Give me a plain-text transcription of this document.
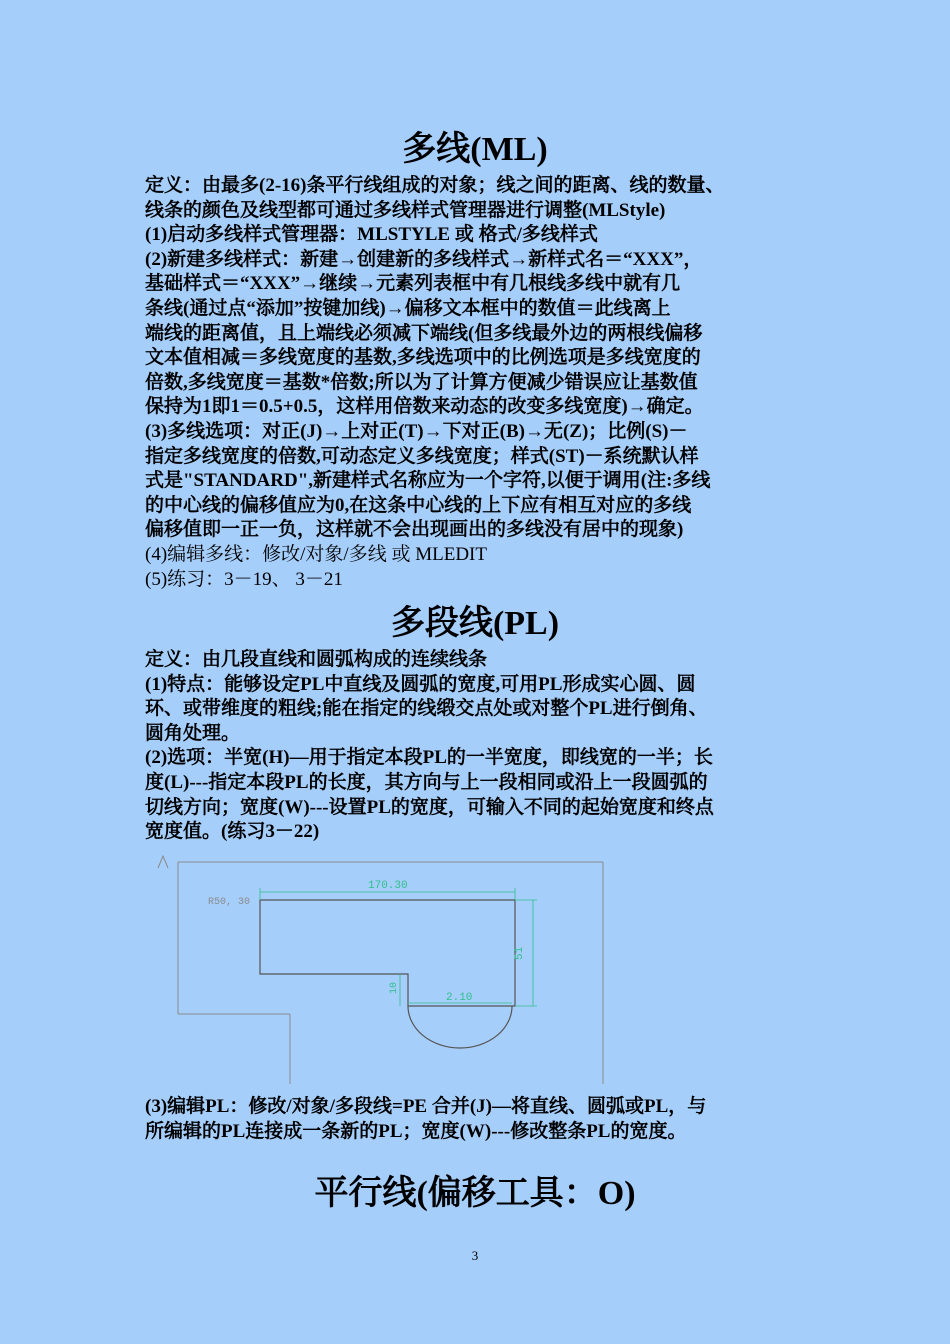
多线(ML)
定义：由最多(2-16)条平行线组成的对象；线之间的距离、线的数量、
线条的颜色及线型都可通过多线样式管理器进行调整(MLStyle)
(1)启动多线样式管理器：MLSTYLE 或 格式/多线样式
(2)新建多线样式：新建→创建新的多线样式→新样式名＝“XXX”，
基础样式＝“XXX”→继续→元素列表框中有几根线多线中就有几
条线(通过点“添加”按键加线)→偏移文本框中的数值＝此线离上
端线的距离值，且上端线必须减下端线(但多线最外边的两根线偏移
文本值相减＝多线宽度的基数,多线选项中的比例选项是多线宽度的
倍数,多线宽度＝基数*倍数;所以为了计算方便减少错误应让基数值
保持为1即1＝0.5+0.5，这样用倍数来动态的改变多线宽度)→确定。
(3)多线选项：对正(J)→上对正(T)→下对正(B)→无(Z)；比例(S)－
指定多线宽度的倍数,可动态定义多线宽度；样式(ST)－系统默认样
式是"STANDARD",新建样式名称应为一个字符,以便于调用(注:多线
的中心线的偏移值应为0,在这条中心线的上下应有相互对应的多线
偏移值即一正一负，这样就不会出现画出的多线没有居中的现象)
(4)编辑多线：修改/对象/多线 或 MLEDIT
(5)练习：3－19、 3－21
多段线(PL)
定义：由几段直线和圆弧构成的连续线条
(1)特点：能够设定PL中直线及圆弧的宽度,可用PL形成实心圆、圆
环、或带维度的粗线;能在指定的线缎交点处或对整个PL进行倒角、
圆角处理。
(2)选项：半宽(H)—用于指定本段PL的一半宽度，即线宽的一半；长
度(L)---指定本段PL的长度，其方向与上一段相同或沿上一段圆弧的
切线方向；宽度(W)---设置PL的宽度，可输入不同的起始宽度和终点
宽度值。(练习3－22)
R50, 30
170.30
51
10
2.10
(3)编辑PL：修改/对象/多段线=PE 合并(J)—将直线、圆弧或PL，与
所编辑的PL连接成一条新的PL；宽度(W)---修改整条PL的宽度。
平行线(偏移工具：O)
3
